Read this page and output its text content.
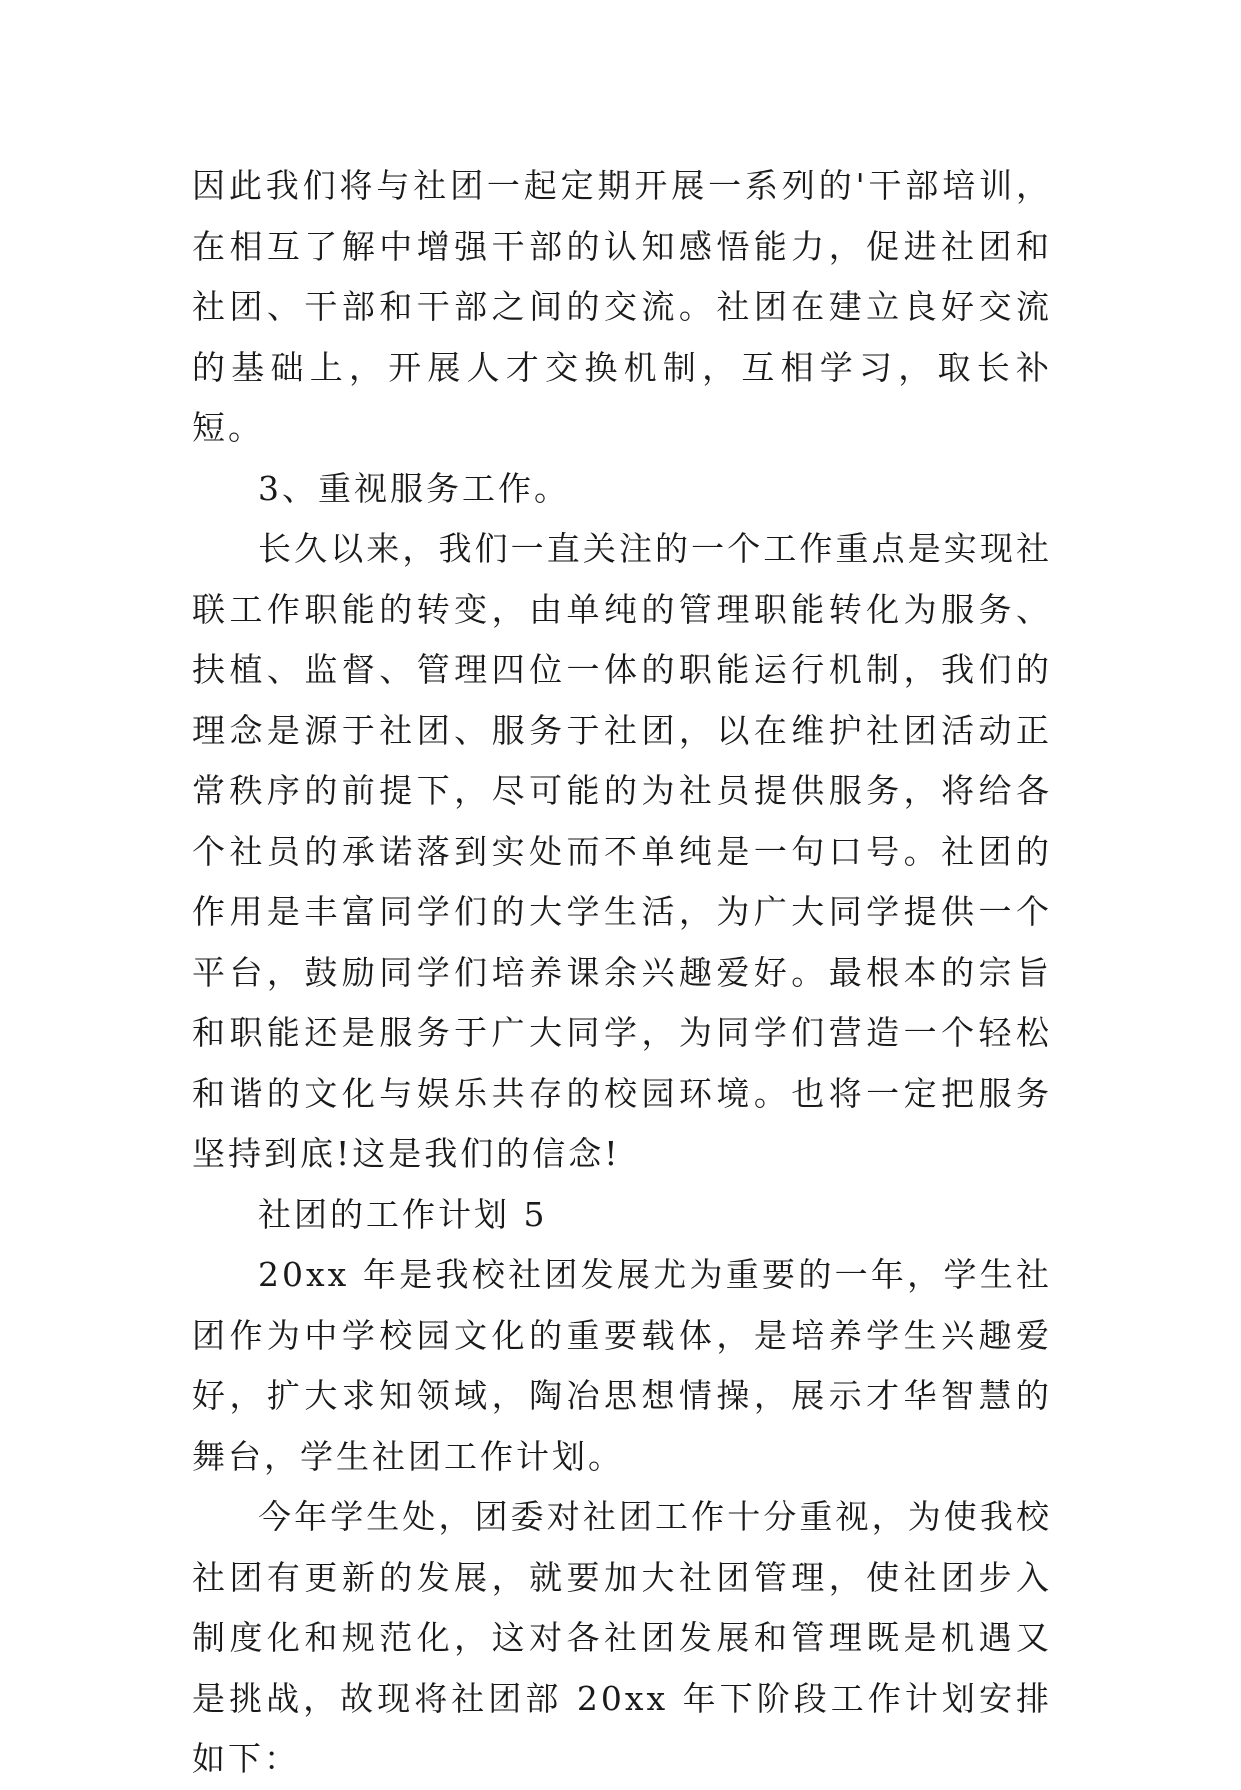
因此我们将与社团一起定期开展一系列的'干部培训，在相互了解中增强干部的认知感悟能力，促进社团和社团、干部和干部之间的交流。社团在建立良好交流的基础上，开展人才交换机制，互相学习，取长补短。

3、重视服务工作。

长久以来，我们一直关注的一个工作重点是实现社联工作职能的转变，由单纯的管理职能转化为服务、扶植、监督、管理四位一体的职能运行机制，我们的理念是源于社团、服务于社团，以在维护社团活动正常秩序的前提下，尽可能的为社员提供服务，将给各个社员的承诺落到实处而不单纯是一句口号。社团的作用是丰富同学们的大学生活，为广大同学提供一个平台，鼓励同学们培养课余兴趣爱好。最根本的宗旨和职能还是服务于广大同学，为同学们营造一个轻松和谐的文化与娱乐共存的校园环境。也将一定把服务坚持到底!这是我们的信念!

社团的工作计划 5

20xx 年是我校社团发展尤为重要的一年，学生社团作为中学校园文化的重要载体，是培养学生兴趣爱好，扩大求知领域，陶冶思想情操，展示才华智慧的舞台，学生社团工作计划。

今年学生处，团委对社团工作十分重视，为使我校社团有更新的发展，就要加大社团管理，使社团步入制度化和规范化，这对各社团发展和管理既是机遇又是挑战，故现将社团部 20xx 年下阶段工作计划安排如下：
